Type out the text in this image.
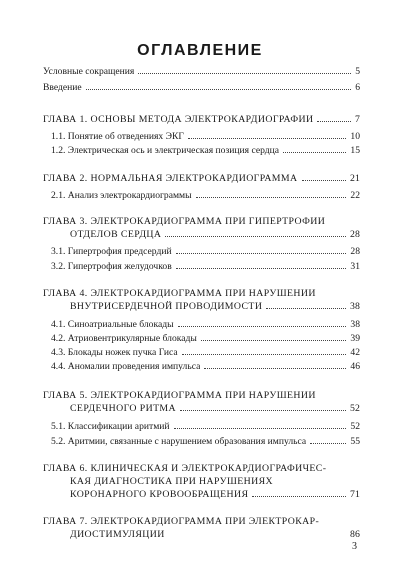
ОГЛАВЛЕНИЕ
Условные сокращения	5
Введение	6
ГЛАВА 1. ОСНОВЫ МЕТОДА ЭЛЕКТРОКАРДИОГРАФИИ	7
1.1. Понятие об отведениях ЭКГ	10
1.2. Электрическая ось и электрическая позиция сердца	15
ГЛАВА 2. НОРМАЛЬНАЯ ЭЛЕКТРОКАРДИОГРАММА	21
2.1. Анализ электрокардиограммы	22
ГЛАВА 3. ЭЛЕКТРОКАРДИОГРАММА ПРИ ГИПЕРТРОФИИ
ОТДЕЛОВ СЕРДЦА	28
3.1. Гипертрофия предсердий	28
3.2. Гипертрофия желудочков	31
ГЛАВА 4. ЭЛЕКТРОКАРДИОГРАММА ПРИ НАРУШЕНИИ
ВНУТРИСЕРДЕЧНОЙ ПРОВОДИМОСТИ	38
4.1. Синоатриальные блокады	38
4.2. Атриовентрикулярные блокады	39
4.3. Блокады ножек пучка Гиса	42
4.4. Аномалии проведения импульса	46
ГЛАВА 5. ЭЛЕКТРОКАРДИОГРАММА ПРИ НАРУШЕНИИ
СЕРДЕЧНОГО РИТМА	52
5.1. Классификации аритмий	52
5.2. Аритмии, связанные с нарушением образования импульса	55
ГЛАВА 6. КЛИНИЧЕСКАЯ И ЭЛЕКТРОКАРДИОГРАФИЧЕС-
КАЯ ДИАГНОСТИКА ПРИ НАРУШЕНИЯХ
КОРОНАРНОГО КРОВООБРАЩЕНИЯ	71
ГЛАВА 7. ЭЛЕКТРОКАРДИОГРАММА ПРИ ЭЛЕКТРОКАР-
ДИОСТИМУЛЯЦИИ	86
3
